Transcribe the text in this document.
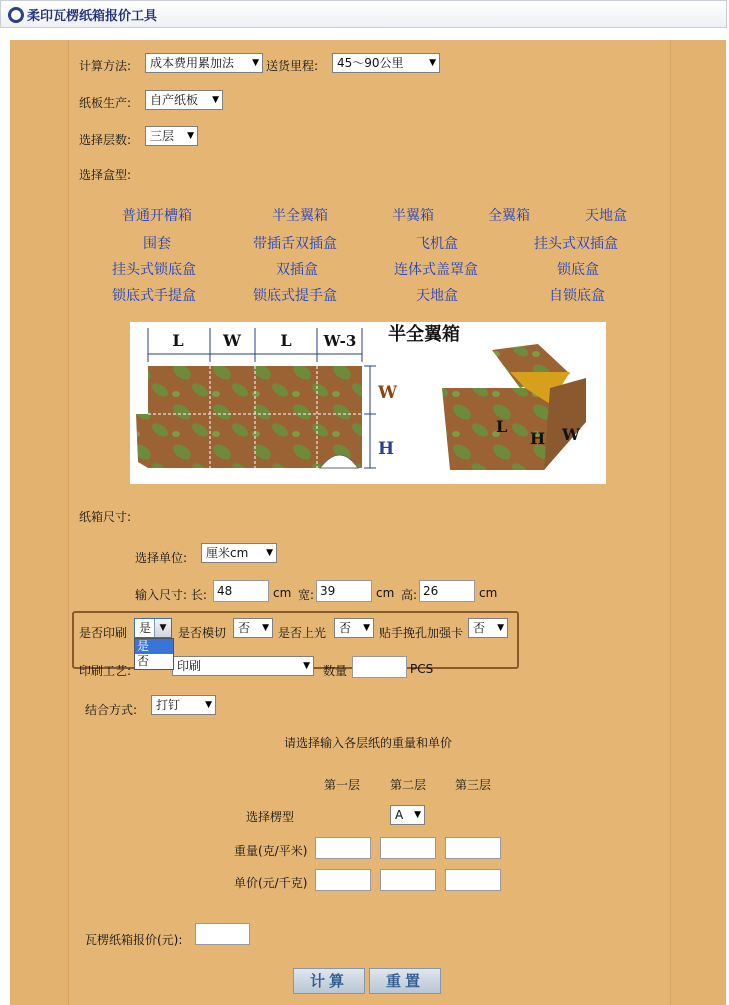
柔印瓦楞纸箱报价工具
计算方法:	成本费用累加法 ▼ 送货里程:	45～90公里	▼
纸板生产:	自产纸板 ▼
选择层数:	三层 ▼
选择盒型:
普通开槽箱	半全翼箱	半翼箱	全翼箱	天地盒
围套	带插舌双插盒	飞机盒	挂头式双插盒
挂头式锁底盒	双插盒	连体式盖罩盒	锁底盒
锁底式手提盒	锁底式提手盒	天地盒	自锁底盒
L W L W-3 半全翼箱
W
H
L
H W
纸箱尺寸:
选择单位:	厘米cm ▼
输入尺寸: 长: 48	cm 宽: 39	cm 高: 26	cm
是否印刷 是 ▼ 是否模切 否 ▼ 是否上光	否 ▼ 贴手挽孔加强卡 否 ▼
印刷工艺:	印刷	▼ 数量	PCS
是
否
结合方式:	打钉	▼
请选择输入各层纸的重量和单价
第一层 第二层 第三层
选择楞型	A ▼
重量(克/平米)
单价(元/千克)
瓦楞纸箱报价(元):
计算	重置
